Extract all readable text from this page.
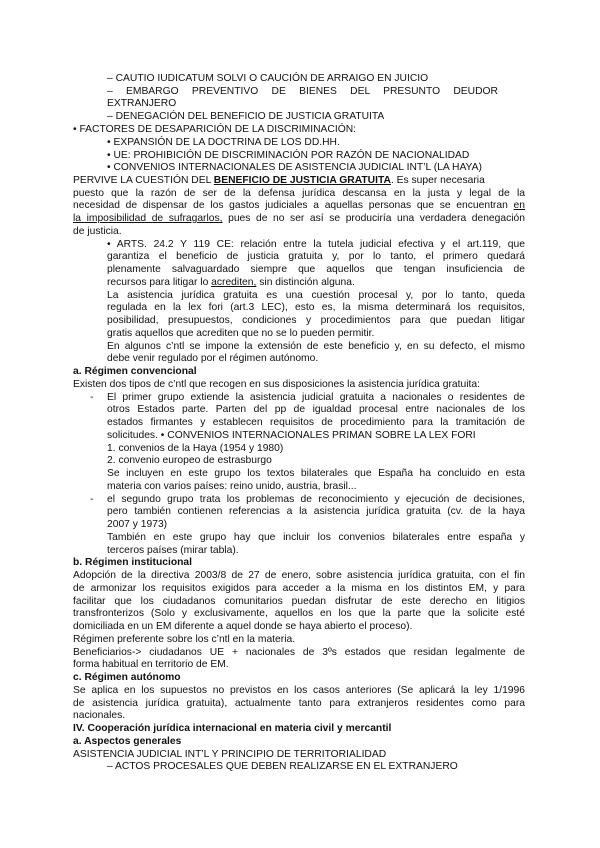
– CAUTIO IUDICATUM SOLVI O CAUCIÓN DE ARRAIGO EN JUICIO
– EMBARGO PREVENTIVO DE BIENES DEL PRESUNTO DEUDOR
EXTRANJERO
– DENEGACIÓN DEL BENEFICIO DE JUSTICIA GRATUITA
• FACTORES DE DESAPARICIÓN DE LA DISCRIMINACIÓN:
• EXPANSIÓN DE LA DOCTRINA DE LOS DD.HH.
• UE: PROHIBICIÓN DE DISCRIMINACIÓN POR RAZÓN DE NACIONALIDAD
• CONVENIOS INTERNACIONALES DE ASISTENCIA JUDICIAL INT’L (LA HAYA)
PERVIVE LA CUESTIÓN DEL BENEFICIO DE JUSTICIA GRATUITA. Es super necesaria
puesto que la razón de ser de la defensa jurídica descansa en la justa y legal de la
necesidad de dispensar de los gastos judiciales a aquellas personas que se encuentran en
la imposibilidad de sufragarlos, pues de no ser así se produciría una verdadera denegación
de justicia.
• ARTS. 24.2 Y 119 CE: relación entre la tutela judicial efectiva y el art.119, que
garantiza el beneficio de justicia gratuita y, por lo tanto, el primero quedará
plenamente salvaguardado siempre que aquellos que tengan insuficiencia de
recursos para litigar lo acrediten, sin distinción alguna.
La asistencia jurídica gratuita es una cuestión procesal y, por lo tanto, queda
regulada en la lex fori (art.3 LEC), esto es, la misma determinará los requisitos,
posibilidad, presupuestos, condiciones y procedimientos para que puedan litigar
gratis aquellos que acrediten que no se lo pueden permitir.
En algunos c’ntl se impone la extensión de este beneficio y, en su defecto, el mismo
debe venir regulado por el régimen autónomo.
a. Régimen convencional
Existen dos tipos de c’ntl que recogen en sus disposiciones la asistencia jurídica gratuita:
- El primer grupo extiende la asistencia judicial gratuita a nacionales o residentes de
otros Estados parte. Parten del pp de igualdad procesal entre nacionales de los
estados firmantes y establecen requisitos de procedimiento para la tramitación de
solicitudes. • CONVENIOS INTERNACIONALES PRIMAN SOBRE LA LEX FORI
1. convenios de la Haya (1954 y 1980)
2. convenio europeo de estrasburgo
Se incluyen en este grupo los textos bilaterales que España ha concluido en esta
materia con varios países: reino unido, austria, brasil...
- el segundo grupo trata los problemas de reconocimiento y ejecución de decisiones,
pero también contienen referencias a la asistencia jurídica gratuita (cv. de la haya
2007 y 1973)
También en este grupo hay que incluir los convenios bilaterales entre españa y
terceros países (mirar tabla).
b. Régimen institucional
Adopción de la directiva 2003/8 de 27 de enero, sobre asistencia jurídica gratuita, con el fin
de armonizar los requisitos exigidos para acceder a la misma en los distintos EM, y para
facilitar que los ciudadanos comunitarios puedan disfrutar de este derecho en litigios
transfronterizos (Solo y exclusivamente, aquellos en los que la parte que la solicite esté
domiciliada en un EM diferente a aquel donde se haya abierto el proceso).
Régimen preferente sobre los c’ntl en la materia.
Beneficiarios-> ciudadanos UE + nacionales de 3ºs estados que residan legalmente de
forma habitual en territorio de EM.
c. Régimen autónomo
Se aplica en los supuestos no previstos en los casos anteriores (Se aplicará la ley 1/1996
de asistencia jurídica gratuita), actualmente tanto para extranjeros residentes como para
nacionales.
IV. Cooperación jurídica internacional en materia civil y mercantil
a. Aspectos generales
ASISTENCIA JUDICIAL INT’L Y PRINCIPIO DE TERRITORIALIDAD
– ACTOS PROCESALES QUE DEBEN REALIZARSE EN EL EXTRANJERO
